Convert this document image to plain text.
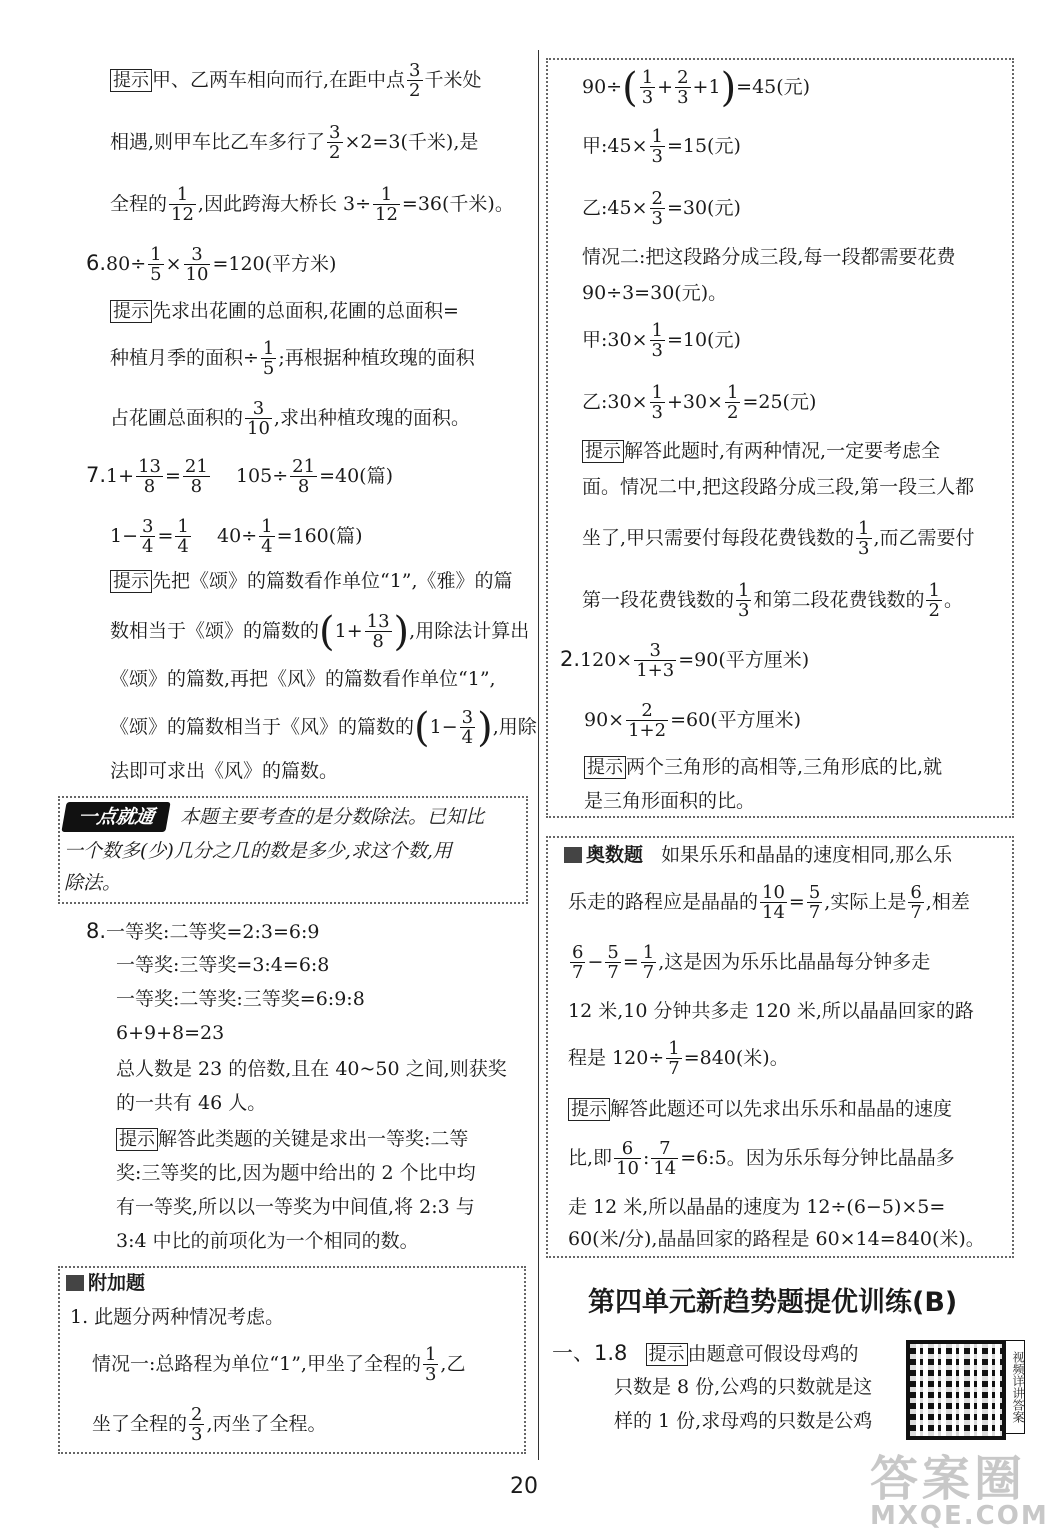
提示 甲、乙两车相向而行,在距中点 $\frac{3}{2}$ 千米处
相遇,则甲车比乙车多行了 $\frac{3}{2} \times 2=3$(千米),是
全程的 $\frac{1}{12}$ ,因此跨海大桥长 $3\div \frac{1}{12} =36$(千米)。
$6.80\div \frac{1}{5} \times \frac{3}{10} =120$(平方米)
提示 先求出花圃的总面积,花圃的总面积=
种植月季的面积÷ $\frac{1}{5}$ ;再根据种植玫瑰的面积
占花圃总面积的 $\frac{3}{10}$ ,求出种植玫瑰的面积。
$7.1+ \frac{13}{8} = \frac{21}{8} 105\div \frac{21}{8} =40$(篇)
$1- \frac{3}{4} = \frac{1}{4} 40\div \frac{1}{4} =160$(篇)
提示 先把《颂》的篇数看作单位“1”,《雅》的篇
数相当于《颂》的篇数的($1+ \frac{13}{8}$ ),用除法计算出
《颂》的篇数,再把《风》的篇数看作单位“1”,
《颂》的篇数相当于《风》的篇数的($1- \frac{3}{4}$ ),用除
法即可求出《风》的篇数。
一点就通 本题主要考查的是分数除法。已知比
一个数多(少)几分之几的数是多少,求这个数,用
除法。
8.一等奖:二等奖=2:3=6:9
一等奖:三等奖=3:4=6:8
一等奖:二等奖:三等奖=6:9:8
6+9+8=23
总人数是 23 的倍数,且在 40~50 之间,则获奖
的一共有 46 人。
提示 解答此类题的关键是求出一等奖:二等
奖:三等奖的比,因为题中给出的 2 个比中均
有一等奖,所以以一等奖为中间值,将 2:3 与
3:4 中比的前项化为一个相同的数。
附加题
1. 此题分两种情况考虑。
情况一:总路程为单位“1”,甲坐了全程的 $\frac{1}{3}$ ,乙
坐了全程的 $\frac{2}{3}$ ,丙坐了全程。
$90\div( \frac{1}{3} + \frac{2}{3} +1)=45$(元)
甲:45× $\frac{1}{3} =15$(元)
乙:45× $\frac{2}{3} =30$(元)
情况二:把这段路分成三段,每一段都需要花费
90÷3=30(元)。
甲:30× $\frac{1}{3} =10$(元)
乙:30× $\frac{1}{3} +30\times \frac{1}{2} =25$(元)
提示 解答此题时,有两种情况,一定要考虑全
面。情况二中,把这段路分成三段,第一段三人都
坐了,甲只需要付每段花费钱数的 $\frac{1}{3}$ ,而乙需要付
第一段花费钱数的 $\frac{1}{3}$ 和第二段花费钱数的 $\frac{1}{2}$ 。
$2.120\times \frac{3}{1+3} =90$(平方厘米)
$90\times \frac{2}{1+2} =60$(平方厘米)
提示 两个三角形的高相等,三角形底的比,就
是三角形面积的比。
奥数题 如果乐乐和晶晶的速度相同,那么乐
乐走的路程应是晶晶的 $\frac{10}{14} = \frac{5}{7}$ ,实际上是 $\frac{6}{7}$ ,相差
$\frac{6}{7} - \frac{5}{7} = \frac{1}{7}$ ,这是因为乐乐比晶晶每分钟多走
12 米,10 分钟共多走 120 米,所以晶晶回家的路
程是 $120\div \frac{1}{7} =840$(米)。
提示 解答此题还可以先求出乐乐和晶晶的速度
比,即 $\frac{6}{10}$ : $\frac{7}{14}$ =6:5。因为乐乐每分钟比晶晶多
走 12 米,所以晶晶的速度为 12÷(6−5)×5=
60(米/分),晶晶回家的路程是 60×14=840(米)。
第四单元新趋势题提优训练(B)
一、1.8 提示 由题意可假设母鸡的
只数是 8 份,公鸡的只数就是这
样的 1 份,求母鸡的只数是公鸡	视频详讲答案
20	答案圈
MXQE.COM
